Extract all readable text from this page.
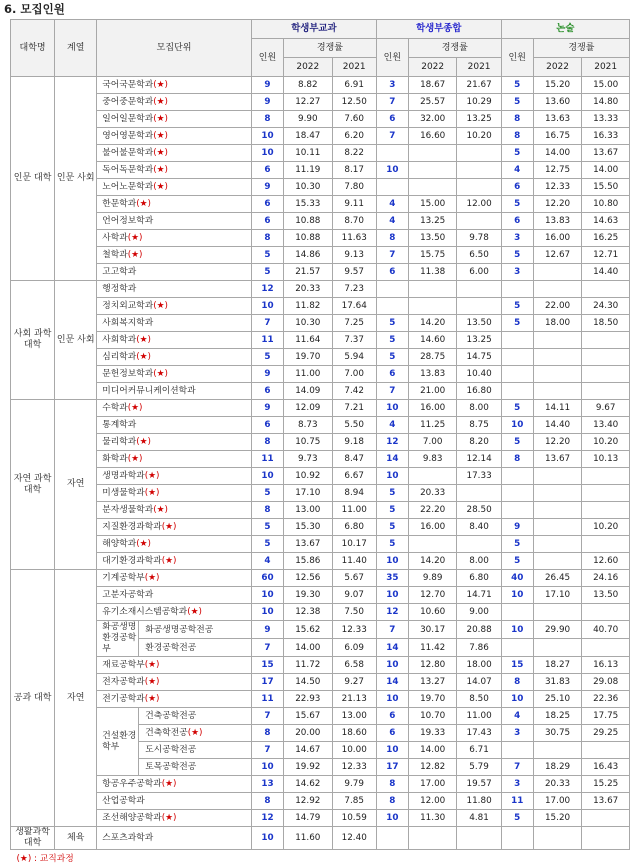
6. 모집인원
대학명	계열	모집단위		학생부교과			학생부종합			논술		
				인원	경쟁률		인원	경쟁률		인원	경쟁률	
					2022	2021		2022	2021		2022	2021
인문 대학	인문 사회	국어국문학과(★)		9	8.82	6.91	3	18.67	21.67	5	15.20	15.00
		중어중문학과(★)		9	12.27	12.50	7	25.57	10.29	5	13.60	14.80
		일어일문학과(★)		8	9.90	7.60	6	32.00	13.25	8	13.63	13.33
		영어영문학과(★)		10	18.47	6.20	7	16.60	10.20	8	16.75	16.33
		불어불문학과(★)		10	10.11	8.22				5	14.00	13.67
		독어독문학과(★)		6	11.19	8.17	10			4	12.75	14.00
		노어노문학과(★)		9	10.30	7.80				6	12.33	15.50
		한문학과(★)		6	15.33	9.11	4	15.00	12.00	5	12.20	10.80
		언어정보학과		6	10.88	8.70	4	13.25		6	13.83	14.63
		사학과(★)		8	10.88	11.63	8	13.50	9.78	3	16.00	16.25
		철학과(★)		5	14.86	9.13	7	15.75	6.50	5	12.67	12.71
		고고학과		5	21.57	9.57	6	11.38	6.00	3		14.40
사회 과학 대학	인문 사회	행정학과		12	20.33	7.23						
		정치외교학과(★)		10	11.82	17.64				5	22.00	24.30
		사회복지학과		7	10.30	7.25	5	14.20	13.50	5	18.00	18.50
		사회학과(★)		11	11.64	7.37	5	14.60	13.25			
		심리학과(★)		5	19.70	5.94	5	28.75	14.75			
		문헌정보학과(★)		9	11.00	7.00	6	13.83	10.40			
		미디어커뮤니케이션학과		6	14.09	7.42	7	21.00	16.80			
자연 과학 대학	자연	수학과(★)		9	12.09	7.21	10	16.00	8.00	5	14.11	9.67
		통계학과		6	8.73	5.50	4	11.25	8.75	10	14.40	13.40
		물리학과(★)		8	10.75	9.18	12	7.00	8.20	5	12.20	10.20
		화학과(★)		11	9.73	8.47	14	9.83	12.14	8	13.67	10.13
		생명과학과(★)		10	10.92	6.67	10		17.33			
		미생물학과(★)		5	17.10	8.94	5	20.33				
		분자생물학과(★)		8	13.00	11.00	5	22.20	28.50			
		지질환경과학과(★)		5	15.30	6.80	5	16.00	8.40	9		10.20
		해양학과(★)		5	13.67	10.17	5			5		
		대기환경과학과(★)		4	15.86	11.40	10	14.20	8.00	5		12.60
공과 대학	자연	기계공학부(★)		60	12.56	5.67	35	9.89	6.80	40	26.45	24.16
		고분자공학과		10	19.30	9.07	10	12.70	14.71	10	17.10	13.50
		유기소재시스템공학과(★)		10	12.38	7.50	12	10.60	9.00			
		화공생명 환경공학부	화공생명공학전공	9	15.62	12.33	7	30.17	20.88	10	29.90	40.70
			환경공학전공	7	14.00	6.09	14	11.42	7.86			
		재료공학부(★)		15	11.72	6.58	10	12.80	18.00	15	18.27	16.13
		전자공학과(★)		17	14.50	9.27	14	13.27	14.07	8	31.83	29.08
		전기공학과(★)		11	22.93	21.13	10	19.70	8.50	10	25.10	22.36
		건설환경 학부	건축공학전공	7	15.67	13.00	6	10.70	11.00	4	18.25	17.75
			건축학전공(★)	8	20.00	18.60	6	19.33	17.43	3	30.75	29.25
			도시공학전공	7	14.67	10.00	10	14.00	6.71			
			토목공학전공	10	19.92	12.33	17	12.82	5.79	7	18.29	16.43
		항공우주공학과(★)		13	14.62	9.79	8	17.00	19.57	3	20.33	15.25
		산업공학과		8	12.92	7.85	8	12.00	11.80	11	17.00	13.67
		조선해양공학과(★)		12	14.79	10.59	10	11.30	4.81	5	15.20	
생활과학 대학	체육	스포츠과학과		10	11.60	12.40						
(★) : 교직과정												
